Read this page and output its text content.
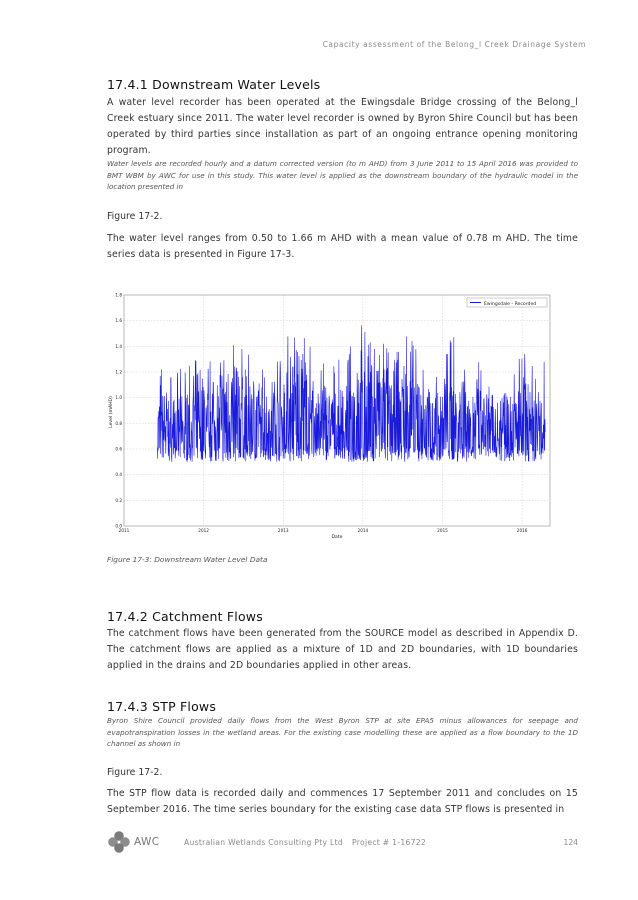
Capacity assessment of the Belong_l Creek Drainage System
17.4.1 Downstream Water Levels

A water level recorder has been operated at the Ewingsdale Bridge crossing of the Belong_l Creek estuary since 2011. The water level recorder is owned by Byron Shire Council but has been operated by third parties since installation as part of an ongoing entrance opening monitoring program.

Water levels are recorded hourly and a datum corrected version (to m AHD) from 3 June 2011 to 15 April 2016 was provided to BMT WBM by AWC for use in this study. This water level is applied as the downstream boundary of the hydraulic model in the location presented in

Figure 17-2.

The water level ranges from 0.50 to 1.66 m AHD with a mean value of 0.78 m AHD. The time series data is presented in Figure 17-3.

0.0
0.2
0.4
0.6
0.8
1.0
1.2
1.4
1.6
1.8
2011	2012	2013	2014	2015	2016
Ewingsdale - Recorded
Level (mAHD)
Date
Figure 17-3: Downstream Water Level Data
17.4.2 Catchment Flows

The catchment flows have been generated from the SOURCE model as described in Appendix D. The catchment flows are applied as a mixture of 1D and 2D boundaries, with 1D boundaries applied in the drains and 2D boundaries applied in other areas.

17.4.3 STP Flows

Byron Shire Council provided daily flows from the West Byron STP at site EPA5 minus allowances for seepage and evapotranspiration losses in the wetland areas. For the existing case modelling these are applied as a flow boundary to the 1D channel as shown in

Figure 17-2.

The STP flow data is recorded daily and commences 17 September 2011 and concludes on 15 September 2016. The time series boundary for the existing case data STP flows is presented in

AWC	Australian Wetlands Consulting Pty Ltd Project # 1-16722	124
